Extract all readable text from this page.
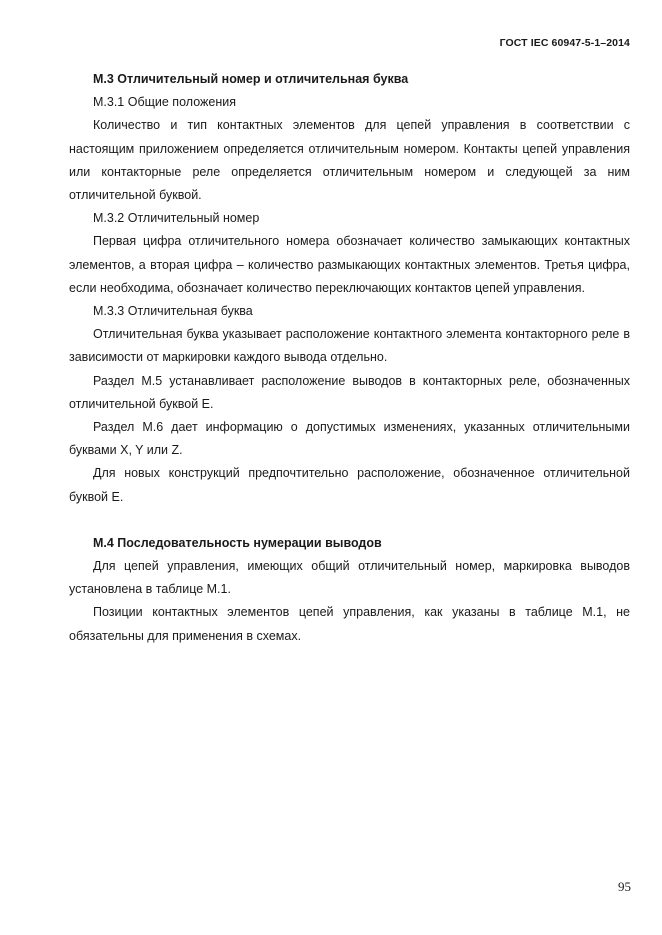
ГОСТ IEC 60947-5-1–2014

М.3 Отличительный номер и отличительная буква

М.3.1 Общие положения

Количество и тип контактных элементов для цепей управления в соответствии с настоящим приложением определяется отличительным номером. Контакты цепей управления или контакторные реле определяется отличительным номером и следующей за ним отличительной буквой.

М.3.2 Отличительный номер

Первая цифра отличительного номера обозначает количество замыкающих контактных элементов, а вторая цифра – количество размыкающих контактных элементов. Третья цифра, если необходима, обозначает количество переключающих контактов цепей управления.

М.3.3 Отличительная буква

Отличительная буква указывает расположение контактного элемента контакторного реле в зависимости от маркировки каждого вывода отдельно.

Раздел М.5 устанавливает расположение выводов в контакторных реле, обозначенных отличительной буквой Е.

Раздел М.6 дает информацию о допустимых изменениях, указанных отличительными буквами X, Y или Z.

Для новых конструкций предпочтительно расположение, обозначенное отличительной буквой Е.

М.4 Последовательность нумерации выводов

Для цепей управления, имеющих общий отличительный номер, маркировка выводов установлена в таблице М.1.

Позиции контактных элементов цепей управления, как указаны в таблице М.1, не обязательны для применения в схемах.

95
